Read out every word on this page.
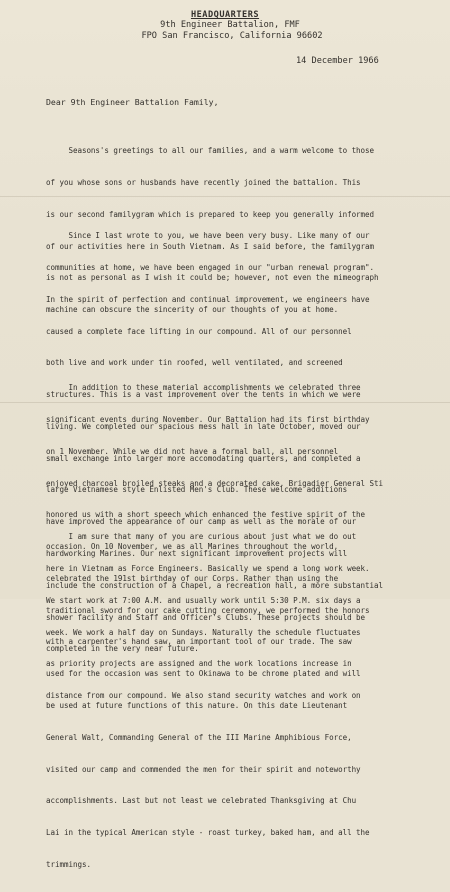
HEADQUARTERS
9th Engineer Battalion, FMF
FPO San Francisco, California 96602
14 December 1966
Dear 9th Engineer Battalion Family,

Seasons's greetings to all our families, and a warm welcome to those

of you whose sons or husbands have recently joined the battalion. This

is our second familygram which is prepared to keep you generally informed

of our activities here in South Vietnam. As I said before, the familygram

is not as personal as I wish it could be; however, not even the mimeograph

machine can obscure the sincerity of our thoughts of you at home.

Since I last wrote to you, we have been very busy. Like many of our

communities at home, we have been engaged in our "urban renewal program".

In the spirit of perfection and continual improvement, we engineers have

caused a complete face lifting in our compound. All of our personnel

both live and work under tin roofed, well ventilated, and screened

structures. This is a vast improvement over the tents in which we were

living. We completed our spacious mess hall in late October, moved our

small exchange into larger more accomodating quarters, and completed a

large Vietnamese style Enlisted Men's Club. These welcome additions

have improved the appearance of our camp as well as the morale of our

hardworking Marines. Our next significant improvement projects will

include the construction of a Chapel, a recreation hall, a more substantial

shower facility and Staff and Officer's Clubs. These projects should be

completed in the very near future.

In addition to these material accomplishments we celebrated three

significant events during November. Our Battalion had its first birthday

on 1 November. While we did not have a formal ball, all personnel

enjoyed charcoal broiled steaks and a decorated cake. Brigadier General Sti

honored us with a short speech which enhanced the festive spirit of the

occasion. On 10 November, we as all Marines throughout the world,

celebrated the 191st birthday of our Corps. Rather than using the

traditional sword for our cake cutting ceremony, we performed the honors

with a carpenter's hand saw, an important tool of our trade. The saw

used for the occasion was sent to Okinawa to be chrome plated and will

be used at future functions of this nature. On this date Lieutenant

General Walt, Commanding General of the III Marine Amphibious Force,

visited our camp and commended the men for their spirit and noteworthy

accomplishments. Last but not least we celebrated Thanksgiving at Chu

Lai in the typical American style - roast turkey, baked ham, and all the

trimmings.

I am sure that many of you are curious about just what we do out

here in Vietnam as Force Engineers. Basically we spend a long work week.

We start work at 7:00 A.M. and usually work until 5:30 P.M. six days a

week. We work a half day on Sundays. Naturally the schedule fluctuates

as priority projects are assigned and the work locations increase in

distance from our compound. We also stand security watches and work on
